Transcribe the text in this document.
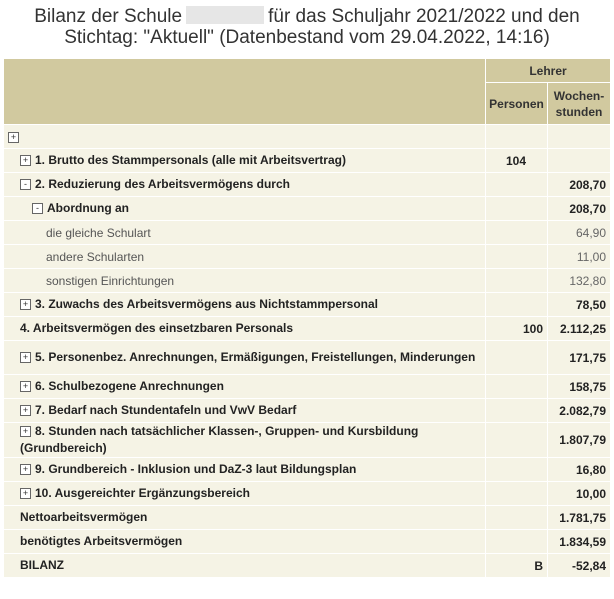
Bilanz der Schule	für das Schuljahr 2021/2022 und den
Stichtag: "Aktuell" (Datenbestand vom 29.04.2022, 14:16)
	Lehrer	
	Personen	Wochen-
stunden
+		
+ 1. Brutto des Stammpersonals (alle mit Arbeitsvertrag)	104	
- 2. Reduzierung des Arbeitsvermögens durch		208,70
- Abordnung an		208,70
die gleiche Schulart		64,90
andere Schularten		11,00
sonstigen Einrichtungen		132,80
+ 3. Zuwachs des Arbeitsvermögens aus Nichtstammpersonal		78,50
4. Arbeitsvermögen des einsetzbaren Personals	100	2.112,25
+ 5. Personenbez. Anrechnungen, Ermäßigungen, Freistellungen, Minderungen		171,75
+ 6. Schulbezogene Anrechnungen		158,75
+ 7. Bedarf nach Stundentafeln und VwV Bedarf		2.082,79
+ 8. Stunden nach tatsächlicher Klassen-, Gruppen- und Kursbildung (Grundbereich)		1.807,79
+ 9. Grundbereich - Inklusion und DaZ-3 laut Bildungsplan		16,80
+ 10. Ausgereichter Ergänzungsbereich		10,00
Nettoarbeitsvermögen		1.781,75
benötigtes Arbeitsvermögen		1.834,59
BILANZ	B	-52,84
